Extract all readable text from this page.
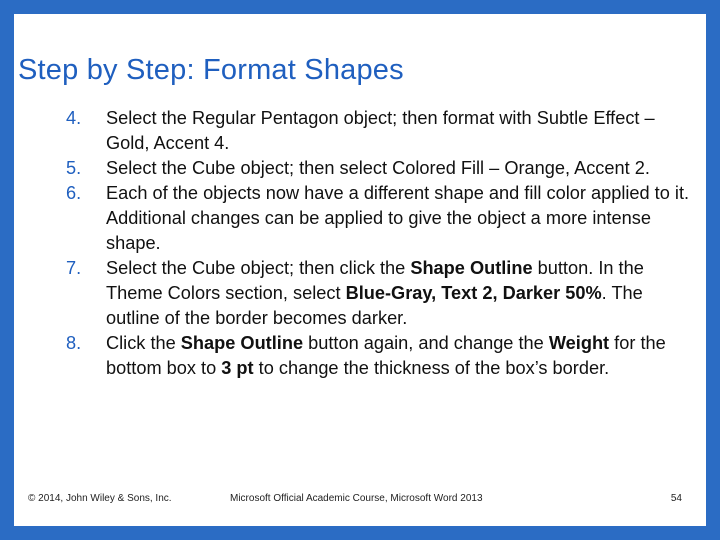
Step by Step: Format Shapes
4.	Select the Regular Pentagon object; then format with Subtle Effect – Gold, Accent 4.
5.	Select the Cube object; then select Colored Fill – Orange, Accent 2.
6.	Each of the objects now have a different shape and fill color applied to it. Additional changes can be applied to give the object a more intense shape.
7.	Select the Cube object; then click the Shape Outline button. In the Theme Colors section, select Blue-Gray, Text 2, Darker 50%. The outline of the border becomes darker.
8.	Click the Shape Outline button again, and change the Weight for the bottom box to 3 pt to change the thickness of the box’s border.
© 2014, John Wiley & Sons, Inc.	Microsoft Official Academic Course, Microsoft Word 2013	54
